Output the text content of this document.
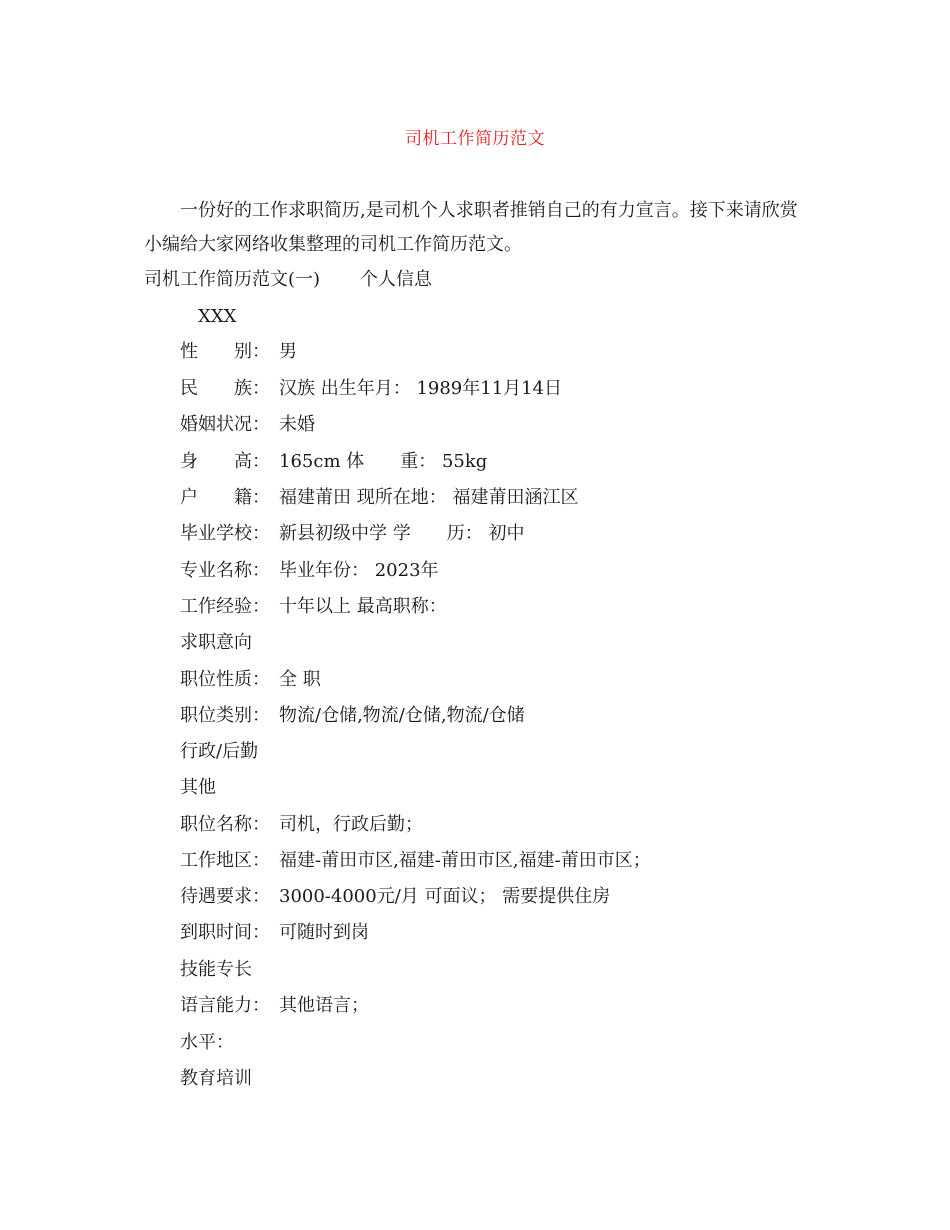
司机工作简历范文
一份好的工作求职简历,是司机个人求职者推销自己的有力宣言。接下来请欣赏小编给大家网络收集整理的司机工作简历范文。
司机工作简历范文(一) 个人信息
XXX
性　　别： 男
民　　族： 汉族 出生年月： 1989年11月14日
婚姻状况： 未婚
身　　高： 165cm 体　　重： 55kg
户　　籍： 福建莆田 现所在地： 福建莆田涵江区
毕业学校： 新县初级中学 学　　历： 初中
专业名称： 毕业年份： 2023年
工作经验： 十年以上 最高职称：
求职意向
职位性质： 全 职
职位类别： 物流/仓储,物流/仓储,物流/仓储
行政/后勤
其他
职位名称： 司机，行政后勤；
工作地区： 福建-莆田市区,福建-莆田市区,福建-莆田市区；
待遇要求： 3000-4000元/月 可面议； 需要提供住房
到职时间： 可随时到岗
技能专长
语言能力： 其他语言；
水平：
教育培训
